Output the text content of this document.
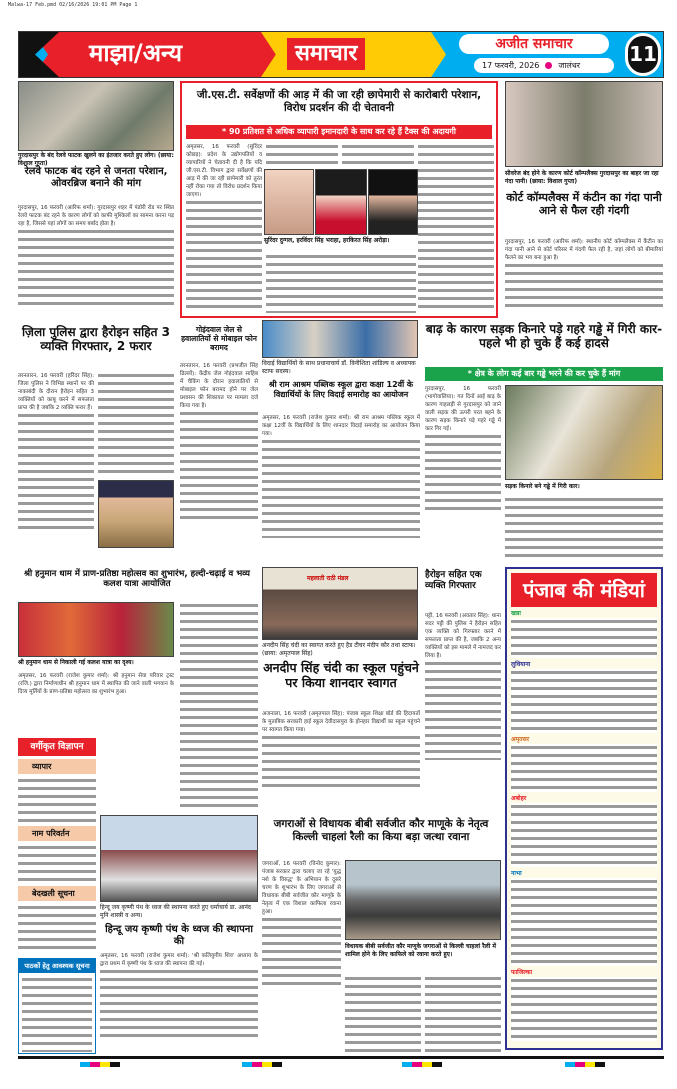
Malwa-17 Feb.pmd 02/16/2026 19:01 PM Page 1
माझा/अन्य	समाचार	अजीत समाचार
17 फरवरी, 2026 जालंधर	11
गुरदासपुर के बंद रेलवे फाटक खुलने का इंतजार करते हुए लोग। (छाया: विशाल गुप्ता)
रेलवे फाटक बंद रहने से जनता परेशान, ओवरब्रिज बनाने की मांग
गुरदासपुर, 16 फरवरी (आरिफ शर्मा): गुरदासपुर शहर में पंडोरी रोड पर स्थित रेलवे फाटक बंद रहने के कारण लोगों को काफी मुश्किलों का सामना करना पड़ रहा है, जिससे यहां लोगों का समय बर्बाद होता है।
जी.एस.टी. सर्वेक्षणों की आड़ में की जा रही छापेमारी से कारोबारी परेशान, विरोध प्रदर्शन की दी चेतावनी
* 90 प्रतिशत से अधिक व्यापारी इमानदारी के साथ कर रहे हैं टैक्स की अदायगी
अमृतसर, 16 फरवरी (सुरिंदर कोछड़): प्रदेश के उद्योगपतियों व व्यापारियों ने चेतावनी दी है कि यदि जी.एस.टी. विभाग द्वारा सर्वेक्षणों की आड़ में की जा रही छापेमारी को तुरंत नहीं रोका गया तो विरोध प्रदर्शन किया जाएगा।
सुरिंदर दुग्गल, हरविंदर सिंह भराहा, हरकिरत सिंह अरोड़ा।
सीवरेज बंद होने के कारण कोर्ट कॉम्पलैक्स गुरदासपुर का बाहर जा रहा गंदा पानी। (छाया: विशाल गुप्ता)
कोर्ट कॉम्पलैक्स में कंटीन का गंदा पानी आने से फैल रही गंदगी
गुरदासपुर, 16 फरवरी (आरिफ शर्मा): स्थानीय कोर्ट कॉम्पलैक्स में कैंटीन का गंदा पानी आने से कोर्ट परिसर में गंदगी फैल रही है, जहां लोगों को बीमारियां फैलने का भय बना हुआ है।
ज़िला पुलिस द्वारा हैरोइन सहित 3 व्यक्ति गिरफ्तार, 2 फरार
तरनतारन, 16 फरवरी (हरिंदर सिंह): जिला पुलिस ने विभिन्न स्थानों पर की नाकाबंदी के दौरान हैरोइन सहित 3 व्यक्तियों को काबू करने में सफलता प्राप्त की है जबकि 2 व्यक्ति फरार हैं।
गोइंदवाल जेल से हवालातियों से मोबाइल फोन बरामद
तरनतारन, 16 फरवरी (प्रभजीत सिंह ढिल्लों): केंद्रीय जेल गोइंदवाल साहिब में चैकिंग के दौरान हवालातियों से मोबाइल फोन बरामद होने पर जेल प्रशासन की शिकायत पर मामला दर्ज किया गया है।
विदाई विद्यार्थियों के साथ प्रधानाचार्य डॉ. विनीशिता शांडिल्य व अध्यापक स्टाफ सदस्य।
श्री राम आश्रम पब्लिक स्कूल द्वारा कक्षा 12वीं के विद्यार्थियों के लिए विदाई समारोह का आयोजन
अमृतसर, 16 फरवरी (राजेश कुमार शर्मा): श्री राम आश्रम पब्लिक स्कूल में कक्षा 12वीं के विद्यार्थियों के लिए शानदार विदाई समारोह का आयोजन किया गया।
बाढ़ के कारण सड़क किनारे पड़े गहरे गड्ढे में गिरी कार-पहले भी हो चुके हैं कई हादसे
* क्षेत्र के लोग कई बार गड्ढे भरने की कर चुके हैं मांग
गुरदासपुर, 16 फरवरी (भागोवालिया): गत दिनों आई बाढ़ के कारण गाहलड़ी से गुरदासपुर को जाने वाली सड़क की ऊपरी परत बहने के कारण सड़क किनारे पड़े गहरे गड्ढे में कार गिर गई।
सड़क किनारे बने गड्ढे में गिरी कार।
श्री हनुमान धाम में प्राण-प्रतिष्ठा महोत्सव का शुभारंभ, हल्दी-चढ़ाई व भव्य कलश यात्रा आयोजित
श्री हनुमान धाम से निकाली गई कलश यात्रा का दृश्य।
अमृतसर, 16 फरवरी (राजेश कुमार शर्मा): श्री हनुमान सेवा परिवार ट्रस्ट (रजि.) द्वारा निर्माणाधीन श्री हनुमान धाम में स्थापित की जाने वाली भगवान के दिव्य मूर्तियों के प्राण-प्रतिष्ठा महोत्सव का शुभारंभ हुआ।
महलाती राठी मंडल
अनदीप सिंह चंदी का स्वागत करते हुए हैड टीचर मंदीप कौर तथा स्टाफ। (छाया: अमृतपाल सिंह)
अनदीप सिंह चंदी का स्कूल पहुंचने पर किया शानदार स्वागत
अजनाला, 16 फरवरी (अमृतपाल सिंह): पंजाब स्कूल शिक्षा बोर्ड की हिदायतों के मुताबिक सरकारी हाई स्कूल देवीदासपुरा के होनहार विद्यार्थी का स्कूल पहुंचने पर स्वागत किया गया।
हैरोइन सहित एक व्यक्ति गिरफ्तार
पट्टी, 16 फरवरी (अवतार सिंह): थाना सदर पट्टी की पुलिस ने हैरोइन सहित एक व्यक्ति को गिरफ्तार करने में सफलता प्राप्त की है, जबकि 2 अन्य व्यक्तियों को इस मामले में नामजद कर लिया है।
पंजाब की मंडियां
खन्ना
लुधियाना
अमृतसर
अबोहर
नाभा
फाजिल्का
वर्गीकृत विज्ञापन
व्यापार
नाम परिवर्तन
बेदखली सूचना
पाठकों हेतु आवश्यक सूचना
हिन्दू जय कृष्णी पंथ के ध्वज की स्थापना करते हुए धर्माचार्य डा. आनंद मुनि शास्त्री व अन्य।
हिन्दू जय कृष्णी पंथ के ध्वज की स्थापना की
अमृतसर, 16 फरवरी (राजेश कुमार शर्मा): 'श्री कलियुगीय शिव' अध्याय के द्वारा प्रथम में कृष्णी पंथ के ध्वज की स्थापना की गई।
जगराओं से विधायक बीबी सर्वजीत कौर माणूके के नेतृत्व किल्ली चाहलां रैली का किया बड़ा जत्था रवाना
जगराओं, 16 फरवरी (विनोद कुमार): पंजाब सरकार द्वारा चलाए जा रहे 'युद्ध नशे के विरुद्ध' के अभियान के दूसरे चरण के शुभारंभ के लिए जगराओं से विधायक बीबी सर्वजीत कौर माणूके के नेतृत्व में एक विशाल काफिला रवाना हुआ।
विधायक बीबी सर्वजीत कौर माणूके जगराओं से किल्ली चाहलां रैली में शामिल होने के लिए काफिले को रवाना करते हुए।
